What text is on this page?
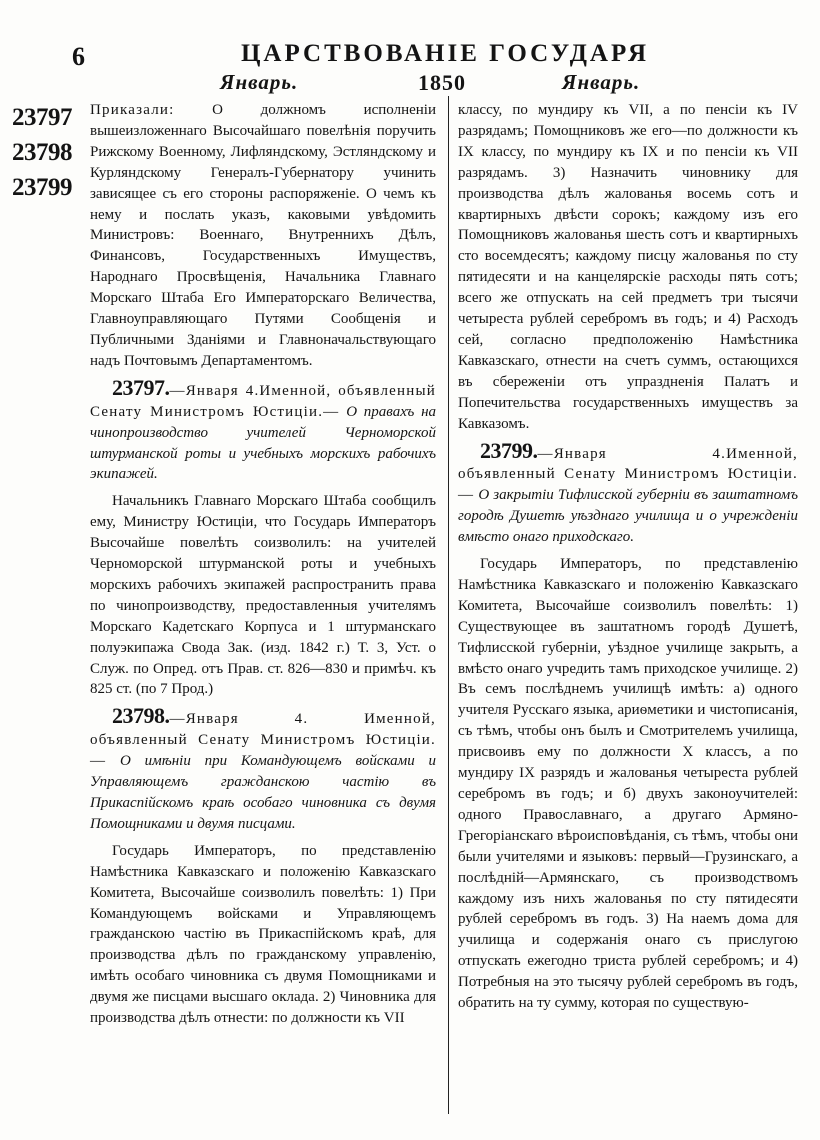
6	ЦАРСТВОВАНІЕ ГОСУДАРЯ
Январь.	1850	Январь.
23797
23798
23799

Приказали: О должномъ исполненіи вышеизложеннаго Высочайшаго повелѣнія поручить Рижскому Военному, Лифляндскому, Эстляндскому и Курляндскому Генералъ-Губернатору учинить зависящее съ его стороны распоряженіе. О чемъ къ нему и послать указъ, каковыми увѣдомить Министровъ: Военнаго, Внутреннихъ Дѣлъ, Финансовъ, Государственныхъ Имуществъ, Народнаго Просвѣщенія, Начальника Главнаго Морскаго Штаба Его Императорскаго Величества, Главноуправляющаго Путями Сообщенія и Публичными Зданіями и Главноначальствующаго надъ Почтовымъ Департаментомъ.

23797.—Января 4.Именной, объявленный Сенату Министромъ Юстиціи.— О правахъ на чинопроизводство учителей Черноморской штурманской роты и учебныхъ морскихъ рабочихъ экипажей.

Начальникъ Главнаго Морскаго Штаба сообщилъ ему, Министру Юстиціи, что Государь Императоръ Высочайше повелѣть соизволилъ: на учителей Черноморской штурманской роты и учебныхъ морскихъ рабочихъ экипажей распространить права по чинопроизводству, предоставленныя учителямъ Морскаго Кадетскаго Корпуса и 1 штурманскаго полуэкипажа Свода Зак. (изд. 1842 г.) Т. 3, Уст. о Служ. по Опред. отъ Прав. ст. 826—830 и примѣч. къ 825 ст. (по 7 Прод.)

23798.—Января 4. Именной, объявленный Сенату Министромъ Юстиціи.— О имѣніи при Командующемъ войсками и Управляющемъ гражданскою частію въ Прикаспійскомъ краѣ особаго чиновника съ двумя Помощниками и двумя писцами.

Государь Императоръ, по представленію Намѣстника Кавказскаго и положенію Кавказскаго Комитета, Высочайше соизволилъ повелѣть: 1) При Командующемъ войсками и Управляющемъ гражданскою частію въ Прикаспійскомъ краѣ, для производства дѣлъ по гражданскому управленію, имѣть особаго чиновника съ двумя Помощниками и двумя же писцами высшаго оклада. 2) Чиновника для производства дѣлъ отнести: по должности къ VII

классу, по мундиру къ VII, а по пенсіи къ IV разрядамъ; Помощниковъ же его—по должности къ IX классу, по мундиру къ IX и по пенсіи къ VII разрядамъ. 3) Назначить чиновнику для производства дѣлъ жалованья восемь сотъ и квартирныхъ двѣсти сорокъ; каждому изъ его Помощниковъ жалованья шесть сотъ и квартирныхъ сто восемдесятъ; каждому писцу жалованья по сту пятидесяти и на канцелярскіе расходы пять сотъ; всего же отпускать на сей предметъ три тысячи четыреста рублей серебромъ въ годъ; и 4) Расходъ сей, согласно предположенію Намѣстника Кавказскаго, отнести на счетъ суммъ, остающихся въ сбереженіи отъ упраздненія Палатъ и Попечительства государственныхъ имуществъ за Кавказомъ.

23799.—Января 4.Именной, объявленный Сенату Министромъ Юстиціи.— О закрытіи Тифлисской губерніи въ заштатномъ городѣ Душетѣ уѣзднаго училища и о учрежденіи вмѣсто онаго приходскаго.

Государь Императоръ, по представленію Намѣстника Кавказскаго и положенію Кавказскаго Комитета, Высочайше соизволилъ повелѣть: 1) Существующее въ заштатномъ городѣ Душетѣ, Тифлисской губерніи, уѣздное училище закрыть, а вмѣсто онаго учредить тамъ приходское училище. 2) Въ семъ послѣднемъ училищѣ имѣть: а) одного учителя Русскаго языка, ариѳметики и чистописанія, съ тѣмъ, чтобы онъ былъ и Смотрителемъ училища, присвоивъ ему по должности X классъ, а по мундиру IX разрядъ и жалованья четыреста рублей серебромъ въ годъ; и б) двухъ законоучителей: одного Православнаго, а другаго Армяно-Грегоріанскаго вѣроисповѣданія, съ тѣмъ, чтобы они были учителями и языковъ: первый—Грузинскаго, а послѣдній—Армянскаго, съ производствомъ каждому изъ нихъ жалованья по сту пятидесяти рублей серебромъ въ годъ. 3) На наемъ дома для училища и содержанія онаго съ прислугою отпускать ежегодно триста рублей серебромъ; и 4) Потребныя на это тысячу рублей серебромъ въ годъ, обратить на ту сумму, которая по существую-
